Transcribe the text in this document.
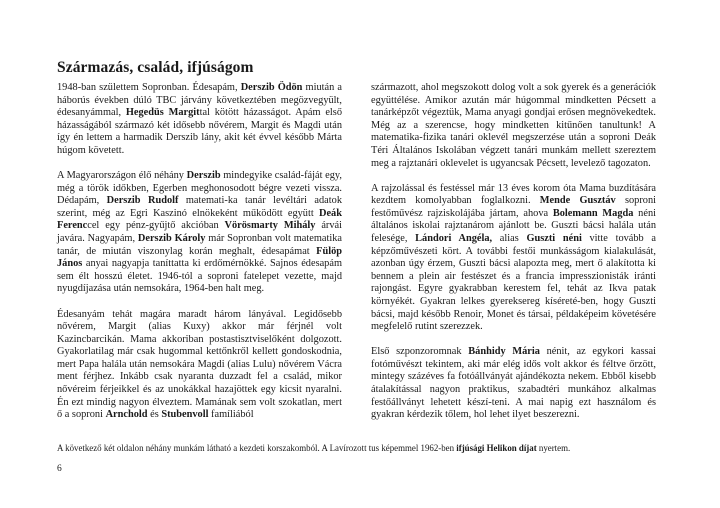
Származás, család, ifjúságom

1948-ban születtem Sopronban. Édesapám, Derszib Ödön miután a háborús években dúló TBC járvány következtében megözvegyült, édesanyámmal, Hegedüs Margittal kötött házasságot. Apám első házasságából származó két idősebb nővérem, Margit és Magdi után így én lettem a harmadik Derszib lány, akit két évvel később Márta húgom követett.

A Magyarországon élő néhány Derszib mindegyike család-fáját egy, még a török időkben, Egerben meghonosodott bégre vezeti vissza. Dédapám, Derszib Rudolf matemati-ka tanár levéltári adatok szerint, még az Egri Kaszinó elnökeként működött együtt Deák Ferenccel egy pénz-gyűjtő akcióban Vörösmarty Mihály árvái javára. Nagyapám, Derszib Károly már Sopronban volt matematika tanár, de miután viszonylag korán meghalt, édesapámat Fülöp János anyai nagyapja taníttatta ki erdőmérnökké. Sajnos édesapám sem élt hosszú életet. 1946-tól a soproni fatelepet vezette, majd nyugdíjazása után nemsokára, 1964-ben halt meg.

Édesanyám tehát magára maradt három lányával. Legidősebb nővérem, Margit (alias Kuxy) akkor már férjnél volt Kazincbarcikán. Mama akkoriban postastisztviselőként dolgozott. Gyakorlatilag már csak hugommal kettőnkről kellett gondoskodnia, mert Papa halála után nemsokára Magdi (alias Lulu) nővérem Vácra ment férjhez. Inkább csak nyaranta duzzadt fel a család, mikor nővéreim férjeikkel és az unokákkal hazajöttek egy kicsit nyaralni. Én ezt mindig nagyon élveztem. Mamának sem volt szokatlan, mert ő a soproni Arnchold és Stubenvoll famíliából

származott, ahol megszokott dolog volt a sok gyerek és a generációk együttélése. Amikor azután már húgommal mindketten Pécsett a tanárképzőt végeztük, Mama anyagi gondjai erősen megnövekedtek. Még az a szerencse, hogy mindketten kitűnően tanultunk! A matematika-fizika tanári oklevél megszerzése után a soproni Deák Téri Általános Iskolában végzett tanári munkám mellett szereztem meg a rajztanári oklevelet is ugyancsak Pécsett, levelező tagozaton.

A rajzolással és festéssel már 13 éves korom óta Mama buzdítására kezdtem komolyabban foglalkozni. Mende Gusztáv soproni festőművész rajziskolájába jártam, ahova Bolemann Magda néni általános iskolai rajztanárom ajánlott be. Guszti bácsi halála után felesége, Lándori Angéla, alias Guszti néni vitte tovább a képzőművészeti kört. A további festői munkásságom kialakulását, azonban úgy érzem, Guszti bácsi alapozta meg, mert ő alakította ki bennem a plein air festészet és a francia impresszionisták iránti rajongást. Egyre gyakrabban kerestem fel, tehát az Ikva patak környékét. Gyakran lelkes gyereksereg kíséreté-ben, hogy Guszti bácsi, majd később Renoir, Monet és társai, példaképeim követésére megfelelő rutint szerezzek.

Első szponzoromnak Bánhidy Mária nénit, az egykori kassai fotóművészt tekintem, aki már elég idős volt akkor és féltve őrzött, mintegy százéves fa fotóállványát ajándékozta nekem. Ebből kisebb átalakítással nagyon praktikus, szabadtéri munkához alkalmas festőállványt lehetett készí-teni. A mai napig ezt használom és gyakran kérdezik tőlem, hol lehet ilyet beszerezni.

A következő két oldalon néhány munkám látható a kezdeti korszakomból. A Lavírozott tus képemmel 1962-ben ifjúsági Helikon díjat nyertem.
6
